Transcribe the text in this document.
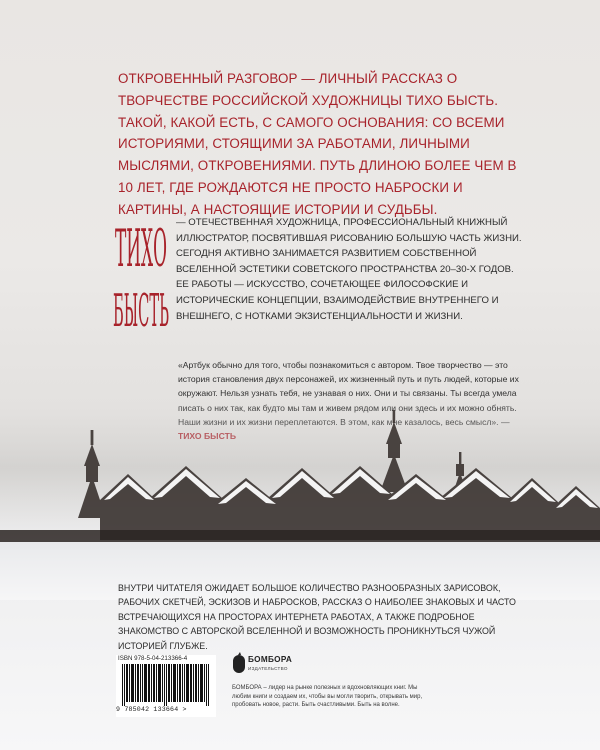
ОТКРОВЕННЫЙ РАЗГОВОР — ЛИЧНЫЙ РАССКАЗ О ТВОРЧЕСТВЕ РОССИЙСКОЙ ХУДОЖНИЦЫ ТИХО БЫСТЬ. ТАКОЙ, КАКОЙ ЕСТЬ, С САМОГО ОСНОВАНИЯ: СО ВСЕМИ ИСТОРИЯМИ, СТОЯЩИМИ ЗА РАБОТАМИ, ЛИЧНЫМИ МЫСЛЯМИ, ОТКРОВЕНИЯМИ. ПУТЬ ДЛИНОЮ БОЛЕЕ ЧЕМ В 10 ЛЕТ, ГДЕ РОЖДАЮТСЯ НЕ ПРОСТО НАБРОСКИ И КАРТИНЫ, А НАСТОЯЩИЕ ИСТОРИИ И СУДЬБЫ.

ТИХО
БЫСТЬ

— ОТЕЧЕСТВЕННАЯ ХУДОЖНИЦА, ПРОФЕССИОНАЛЬНЫЙ КНИЖНЫЙ ИЛЛЮСТРАТОР, ПОСВЯТИВШАЯ РИСОВАНИЮ БОЛЬШУЮ ЧАСТЬ ЖИЗНИ. СЕГОДНЯ АКТИВНО ЗАНИМАЕТСЯ РАЗВИТИЕМ СОБСТВЕННОЙ ВСЕЛЕННОЙ ЭСТЕТИКИ СОВЕТСКОГО ПРОСТРАНСТВА 20–30-Х ГОДОВ. ЕЕ РАБОТЫ — ИСКУССТВО, СОЧЕТАЮЩЕЕ ФИЛОСОФСКИЕ И ИСТОРИЧЕСКИЕ КОНЦЕПЦИИ, ВЗАИМОДЕЙСТВИЕ ВНУТРЕННЕГО И ВНЕШНЕГО, С НОТКАМИ ЭКЗИСТЕНЦИАЛЬНОСТИ И ЖИЗНИ.

«Артбук обычно для того, чтобы познакомиться с автором. Твое творчество — это история становления двух персонажей, их жизненный путь и путь людей, которые их

ВНУТРИ ЧИТАТЕЛЯ ОЖИДАЕТ БОЛЬШОЕ КОЛИЧЕСТВО РАЗНООБРАЗНЫХ ЗАРИСОВОК, РАБОЧИХ СКЕТЧЕЙ, ЭСКИЗОВ И НАБРОСКОВ, РАССКАЗ О НАИБОЛЕЕ ЗНАКОВЫХ И ЧАСТО ВСТРЕЧАЮЩИХСЯ НА ПРОСТОРАХ ИНТЕРНЕТА РАБОТАХ, А ТАКЖЕ ПОДРОБНОЕ ЗНАКОМСТВО С АВТОРСКОЙ ВСЕЛЕННОЙ И ВОЗМОЖНОСТЬ ПРОНИКНУТЬСЯ ЧУЖОЙ ИСТОРИЕЙ ГЛУБЖЕ.

ISBN 978-5-04-213366-4
9 785042 133664 >
БОМБОРА
ИЗДАТЕЛЬСТВО

БОМБОРА – лидер на рынке полезных и вдохновляющих книг. Мы любим книги и создаем их, чтобы вы могли творить, открывать мир, пробовать новое, расти. Быть счастливыми. Быть на волне.
